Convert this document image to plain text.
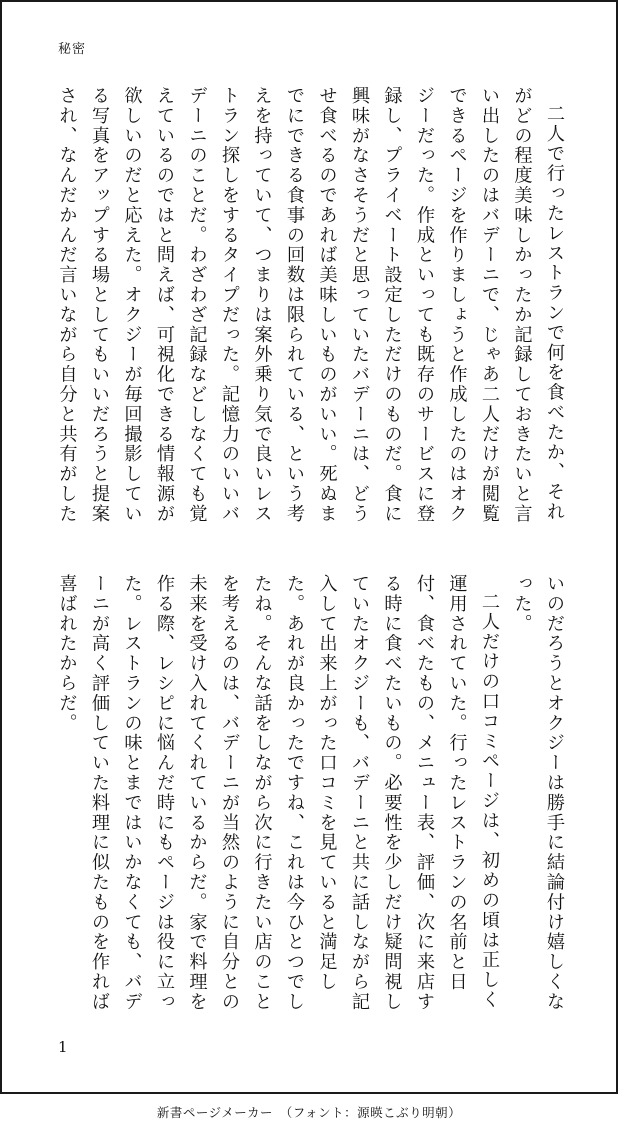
秘密

二人で行ったレストランで何を食べたか、それがどの程度美味しかったか記録しておきたいと言い出したのはバデーニで、じゃあ二人だけが閲覧できるページを作りましょうと作成したのはオクジーだった。作成といっても既存のサービスに登録し、プライベート設定しただけのものだ。食に興味がなさそうだと思っていたバデーニは、どうせ食べるのであれば美味しいものがいい。死ぬまでにできる食事の回数は限られている、という考えを持っていて、つまりは案外乗り気で良いレストラン探しをするタイプだった。記憶力のいいバデーニのことだ。わざわざ記録などしなくても覚えているのではと問えば、可視化できる情報源が欲しいのだと応えた。オクジーが毎回撮影している写真をアップする場としてもいいだろうと提案され、なんだかんだ言いながら自分と共有がした

いのだろうとオクジーは勝手に結論付け嬉しくなった。

二人だけの口コミページは、初めの頃は正しく運用されていた。行ったレストランの名前と日付、食べたもの、メニュー表、評価、次に来店する時に食べたいもの。必要性を少しだけ疑問視していたオクジーも、バデーニと共に話しながら記入して出来上がった口コミを見ていると満足した。あれが良かったですね、これは今ひとつでしたね。そんな話をしながら次に行きたい店のことを考えるのは、バデーニが当然のように自分との未来を受け入れてくれているからだ。家で料理を作る際、レシピに悩んだ時にもページは役に立った。レストランの味とまではいかなくても、バデーニが高く評価していた料理に似たものを作れば喜ばれたからだ。

1
新書ページメーカー　（フォント：源暎こぶり明朝）
